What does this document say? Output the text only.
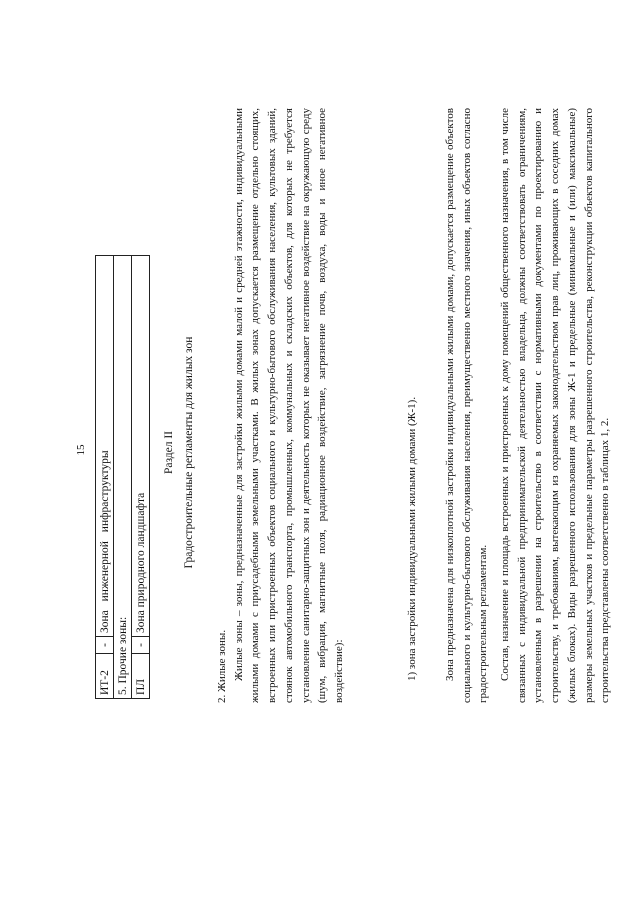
15
ИТ-2	-	Зона инженерной инфраструктуры
5. Прочие зоны:		
ПЛ	-	Зона природного ландшафта
Раздел II Градостроительные регламенты для жилых зон

2. Жилые зоны. Жилые зоны – зоны, предназначенные для застройки жилыми домами малой и средней этажности, индивидуальными жилыми домами с приусадебными земельными участками. В жилых зонах допускается размещение отдельно стоящих, встроенных или пристроенных объектов социального и культурно-бытового обслуживания населения, культовых зданий, стоянок автомобильного транспорта, промышленных, коммунальных и складских объектов, для которых не требуется установление санитарно-защитных зон и деятельность которых не оказывает негативное воздействие на окружающую среду (шум, вибрация, магнитные поля, радиационное воздействие, загрязнение почв, воздуха, воды и иное негативное воздействие):	1) зона застройки индивидуальными жилыми домами (Ж-1). Зона предназначена для низкоплотной застройки индивидуальными жилыми домами, допускается размещение объектов социального и культурно-бытового обслуживания населения, преимущественно местного значения, иных объектов согласно градостроительным регламентам. Состав, назначение и площадь встроенных и пристроенных к дому помещений общественного назначения, в том числе связанных с индивидуальной предпринимательской деятельностью владельца, должны соответствовать ограничениям, установленным в разрешении на строительство в соответствии с нормативными документами по проектированию и строительству, и требованиям, вытекающим из охраняемых законодательством прав лиц, проживающих в соседних домах (жилых блоках). Виды разрешенного использования для зоны Ж-1 и предельные (минимальные и (или) максимальные) размеры земельных участков и предельные параметры разрешенного строительства, реконструкции объектов капитального строительства представлены соответственно в таблицах 1, 2.
